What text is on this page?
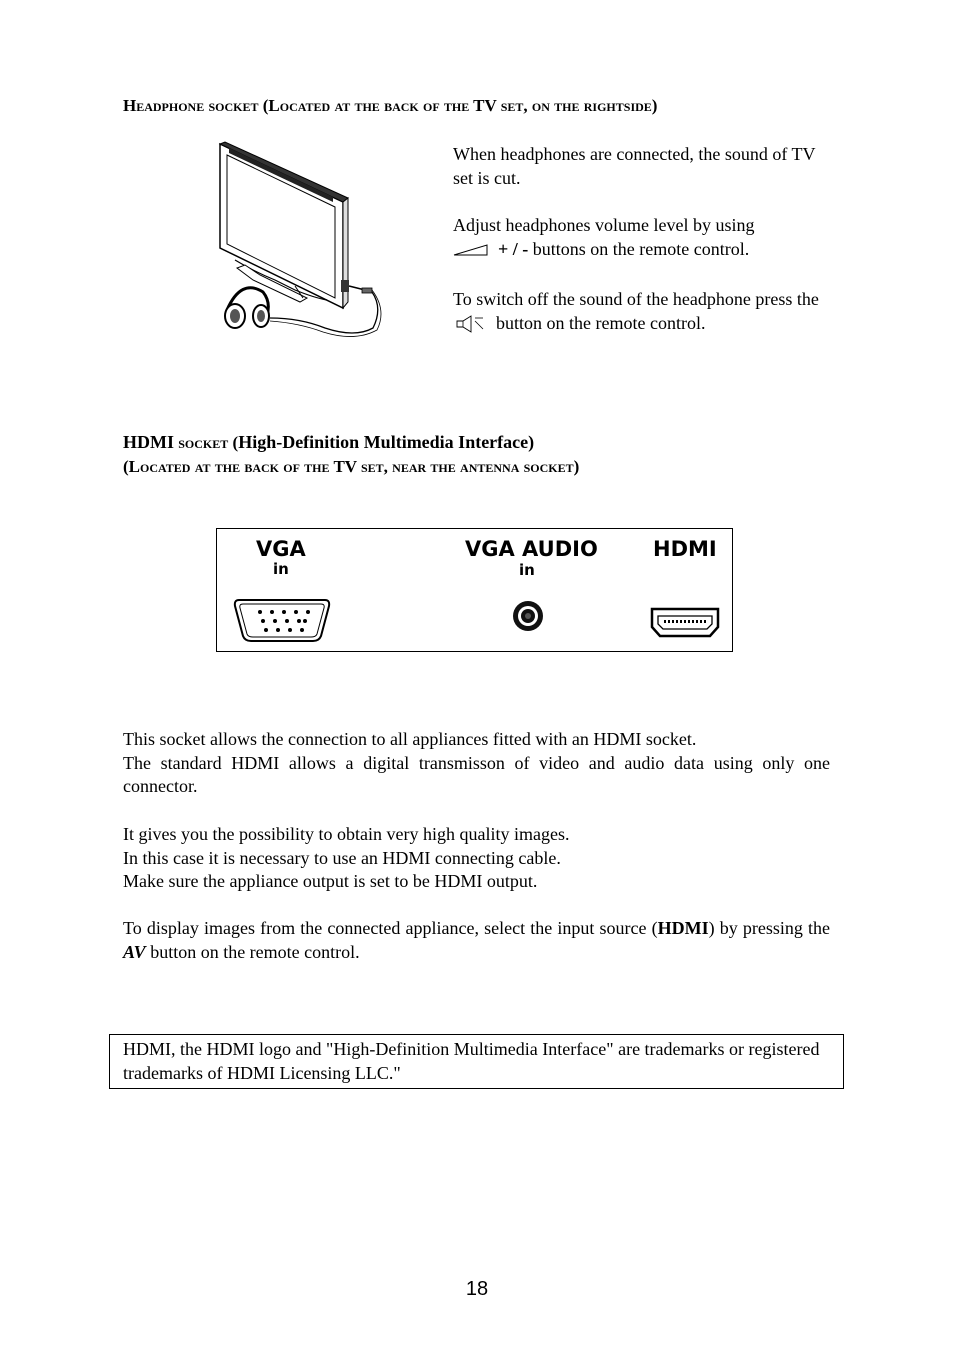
Headphone socket (Located at the back of the TV set, on the rightside)
When headphones are connected, the sound of TV set is cut.
Adjust headphones volume level by using
+ / - buttons on the remote control.
To switch off the sound of the headphone press the    button on the remote control.
HDMI socket (High-Definition Multimedia Interface)
(Located at the back of the TV set, near the antenna socket)
VGA
in
VGA AUDIO
in
HDMI
This socket allows the connection to all appliances fitted with an HDMI socket.
The standard HDMI allows a digital transmisson of video and audio data using only one connector.
It gives you the possibility to obtain very high quality images.
In this case it is necessary to use an HDMI connecting cable.
Make sure the appliance output is set to be HDMI output.
To display images from the connected appliance, select the input source (HDMI) by pressing the AV button on the remote control.
HDMI, the HDMI logo and "High-Definition Multimedia Interface" are trademarks or registered trademarks of HDMI Licensing LLC."
18
